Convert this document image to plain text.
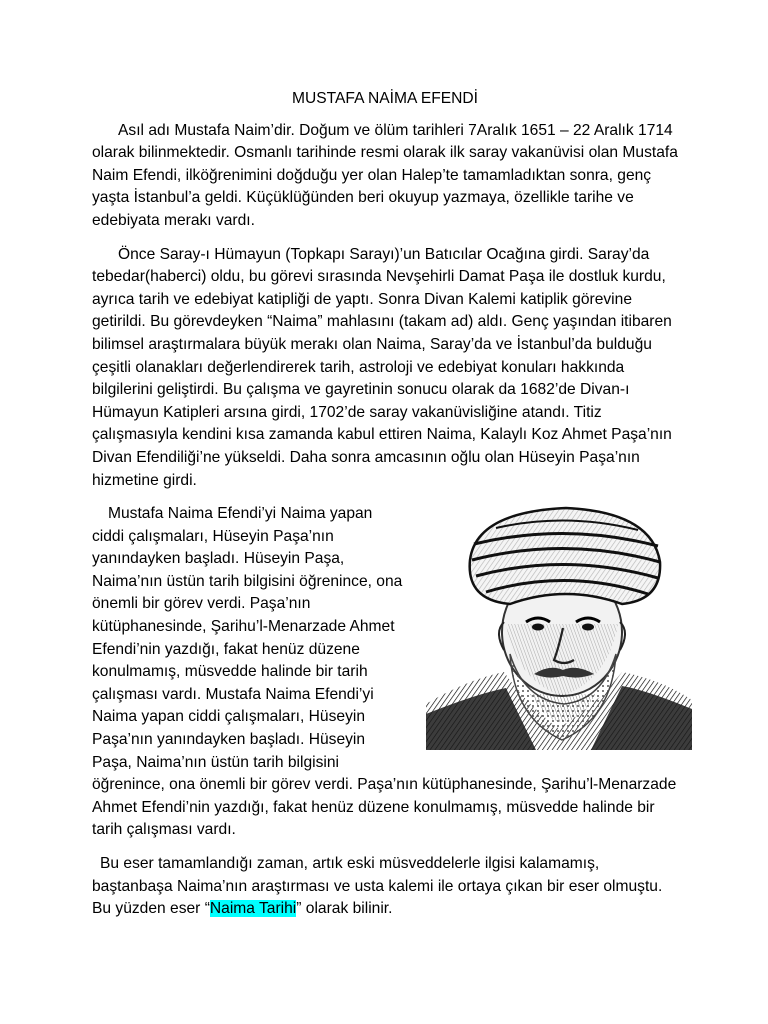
MUSTAFA NAİMA EFENDİ

Asıl adı Mustafa Naim’dir. Doğum ve ölüm tarihleri 7Aralık 1651 – 22 Aralık 1714 olarak bilinmektedir. Osmanlı tarihinde resmi olarak ilk saray vakanüvisi olan Mustafa Naim Efendi, ilköğrenimini doğduğu yer olan Halep’te tamamladıktan sonra, genç yaşta İstanbul’a geldi. Küçüklüğünden beri okuyup yazmaya, özellikle tarihe ve edebiyata merakı vardı.

Önce Saray-ı Hümayun (Topkapı Sarayı)’un Batıcılar Ocağına girdi. Saray’da tebedar(haberci) oldu, bu görevi sırasında Nevşehirli Damat Paşa ile dostluk kurdu, ayrıca tarih ve edebiyat katipliği de yaptı. Sonra Divan Kalemi katiplik görevine getirildi. Bu görevdeyken “Naima” mahlasını (takam ad) aldı. Genç yaşından itibaren bilimsel araştırmalara büyük merakı olan Naima, Saray’da ve İstanbul’da bulduğu çeşitli olanakları değerlendirerek tarih, astroloji ve edebiyat konuları hakkında bilgilerini geliştirdi. Bu çalışma ve gayretinin sonucu olarak da 1682’de Divan-ı Hümayun Katipleri arsına girdi, 1702’de saray vakanüvisliğine atandı. Titiz çalışmasıyla kendini kısa zamanda kabul ettiren Naima, Kalaylı Koz Ahmet Paşa’nın Divan Efendiliği’ne yükseldi. Daha sonra amcasının oğlu olan Hüseyin Paşa’nın hizmetine girdi.

Mustafa Naima Efendi’yi Naima yapan ciddi çalışmaları, Hüseyin Paşa’nın yanındayken başladı. Hüseyin Paşa, Naima’nın üstün tarih bilgisini öğrenince, ona önemli bir görev verdi. Paşa’nın kütüphanesinde, Şarihu’l-Menarzade Ahmet Efendi’nin yazdığı, fakat henüz düzene konulmamış, müsvedde halinde bir tarih çalışması vardı. Mustafa Naima Efendi’yi Naima yapan ciddi çalışmaları, Hüseyin Paşa’nın yanındayken başladı. Hüseyin Paşa, Naima’nın üstün tarih bilgisini öğrenince, ona önemli bir görev verdi. Paşa’nın kütüphanesinde, Şarihu’l-Menarzade Ahmet Efendi’nin yazdığı, fakat henüz düzene konulmamış, müsvedde halinde bir tarih çalışması vardı.

Bu eser tamamlandığı zaman, artık eski müsveddelerle ilgisi kalamamış, baştanbaşa Naima’nın araştırması ve usta kalemi ile ortaya çıkan bir eser olmuştu. Bu yüzden eser “Naima Tarihi” olarak bilinir.
